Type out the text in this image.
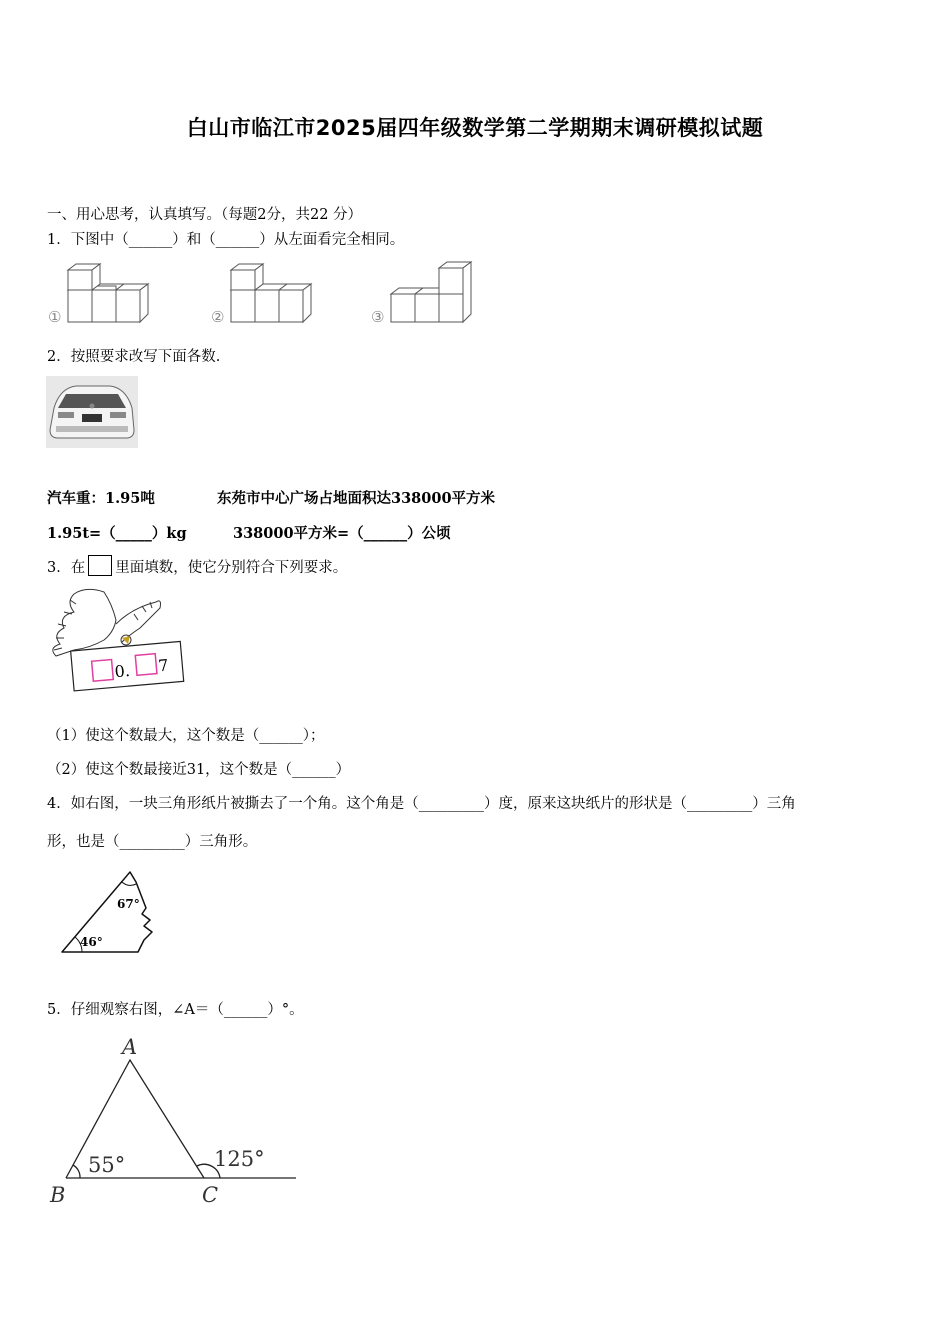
白山市临江市2025届四年级数学第二学期期末调研模拟试题
一、用心思考，认真填写。（每题2分，共22 分）
1．下图中（______）和（______）从左面看完全相同。
①	②	③
2．按照要求改写下面各数.
汽车重：1.95吨	东苑市中心广场占地面积达338000平方米
1.95t=（_____）kg	338000平方米=（______）公顷
3．在 里面填数，使它分别符合下列要求。
0. 7
（1）使这个数最大，这个数是（______）；
（2）使这个数最接近31，这个数是（______）
4．如右图，一块三角形纸片被撕去了一个角。这个角是（_________）度，原来这块纸片的形状是（_________）三角
形，也是（_________）三角形。
67°
46°
5．仔细观察右图，∠A＝（______）°。
A
B	C
55°	125°
